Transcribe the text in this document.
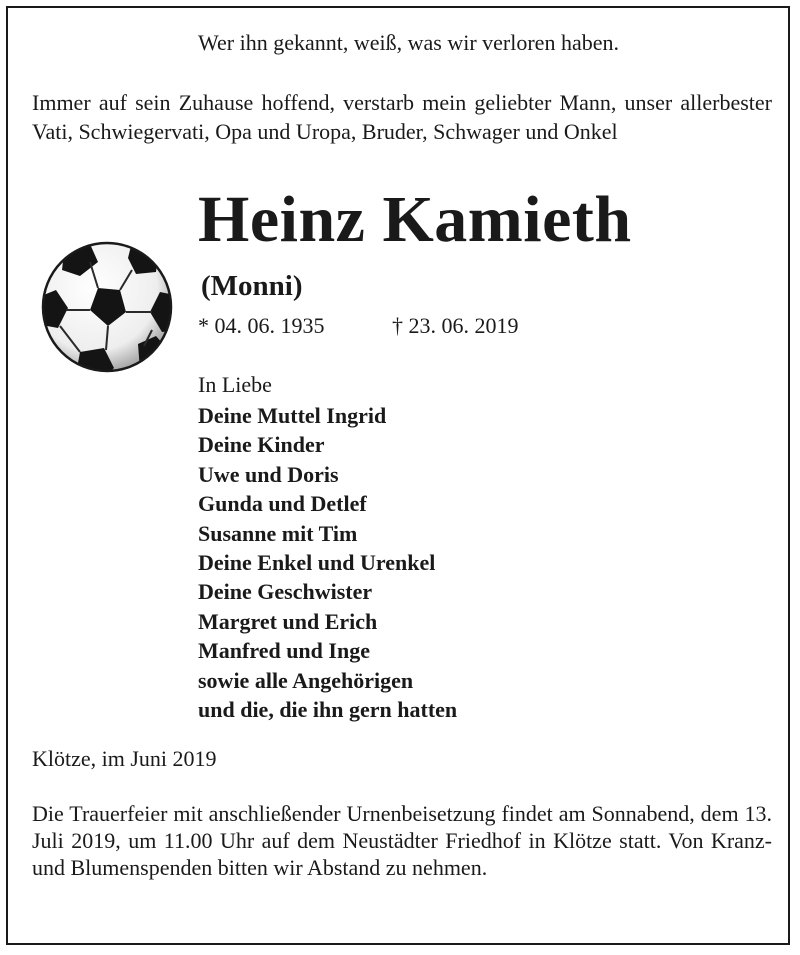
Wer ihn gekannt, weiß, was wir verloren haben.
Immer auf sein Zuhause hoffend, verstarb mein geliebter Mann, unser allerbester Vati, Schwiegervati, Opa und Uropa, Bruder, Schwager und Onkel
Heinz Kamieth
(Monni)
* 04. 06. 1935	† 23. 06. 2019
In Liebe
Deine Muttel Ingrid
Deine Kinder
Uwe und Doris
Gunda und Detlef
Susanne mit Tim
Deine Enkel und Urenkel
Deine Geschwister
Margret und Erich
Manfred und Inge
sowie alle Angehörigen
und die, die ihn gern hatten
Klötze, im Juni 2019
Die Trauerfeier mit anschließender Urnenbeisetzung findet am Sonnabend, dem 13. Juli 2019, um 11.00 Uhr auf dem Neustädter Friedhof in Klötze statt. Von Kranz- und Blumenspenden bitten wir Abstand zu nehmen.
